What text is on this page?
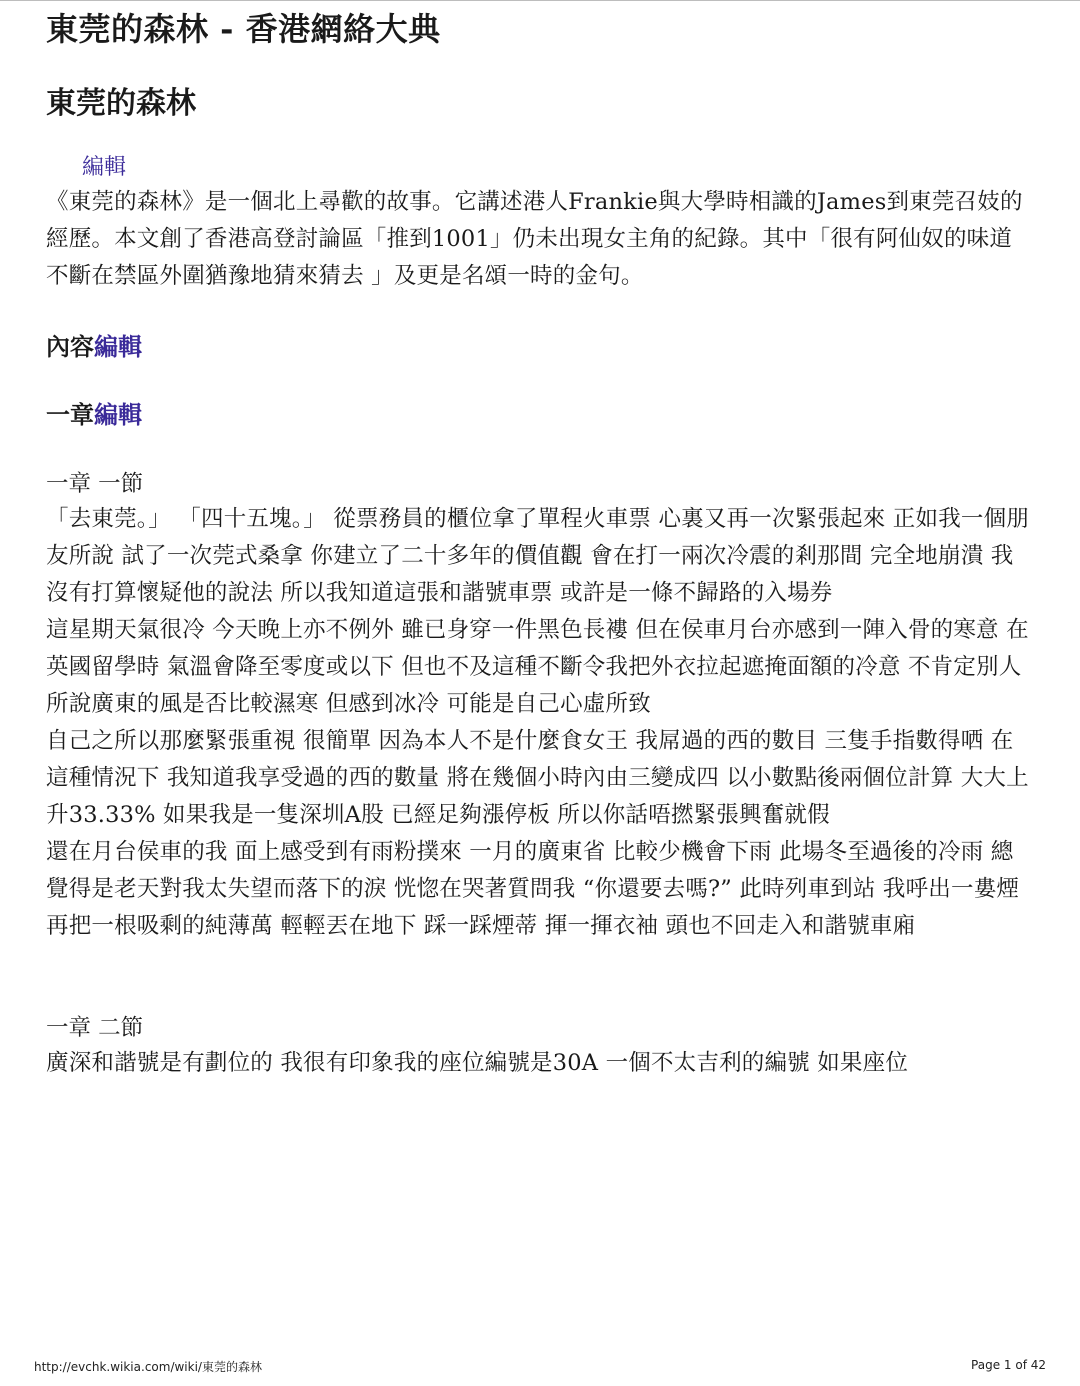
東莞的森林 - 香港網絡大典
東莞的森林
編輯

《東莞的森林》是一個北上尋歡的故事。它講述港人Frankie與大學時相識的James到東莞召妓的經歷。本文創了香港高登討論區「推到1001」仍未出現女主角的紀錄。其中「很有阿仙奴的味道 不斷在禁區外圍猶豫地猜來猜去 」及更是名頌一時的金句。

內容編輯
一章編輯
一章 一節

「去東莞。」 「四十五塊。」 從票務員的櫃位拿了單程火車票 心裏又再一次緊張起來 正如我一個朋友所說 試了一次莞式桑拿 你建立了二十多年的價值觀 會在打一兩次冷震的剎那間 完全地崩潰 我沒有打算懷疑他的說法 所以我知道這張和諧號車票 或許是一條不歸路的入場券

這星期天氣很冷 今天晚上亦不例外 雖已身穿一件黑色長褸 但在侯車月台亦感到一陣入骨的寒意 在英國留學時 氣溫會降至零度或以下 但也不及這種不斷令我把外衣拉起遮掩面額的冷意 不肯定別人所說廣東的風是否比較濕寒 但感到冰冷 可能是自己心虛所致

自己之所以那麼緊張重視 很簡單 因為本人不是什麼食女王 我屌過的西的數目 三隻手指數得哂 在這種情況下 我知道我享受過的西的數量 將在幾個小時內由三變成四 以小數點後兩個位計算 大大上升33.33% 如果我是一隻深圳A股 已經足夠漲停板 所以你話唔撚緊張興奮就假

還在月台侯車的我 面上感受到有雨粉撲來 一月的廣東省 比較少機會下雨 此場冬至過後的冷雨 總覺得是老天對我太失望而落下的淚 恍惚在哭著質問我 “你還要去嗎?” 此時列車到站 我呼出一婁煙 再把一根吸剩的純薄萬 輕輕丟在地下 踩一踩煙蒂 揮一揮衣袖 頭也不回走入和諧號車廂

一章 二節

廣深和諧號是有劃位的 我很有印象我的座位編號是30A 一個不太吉利的編號 如果座位

http://evchk.wikia.com/wiki/東莞的森林	Page 1 of 42
